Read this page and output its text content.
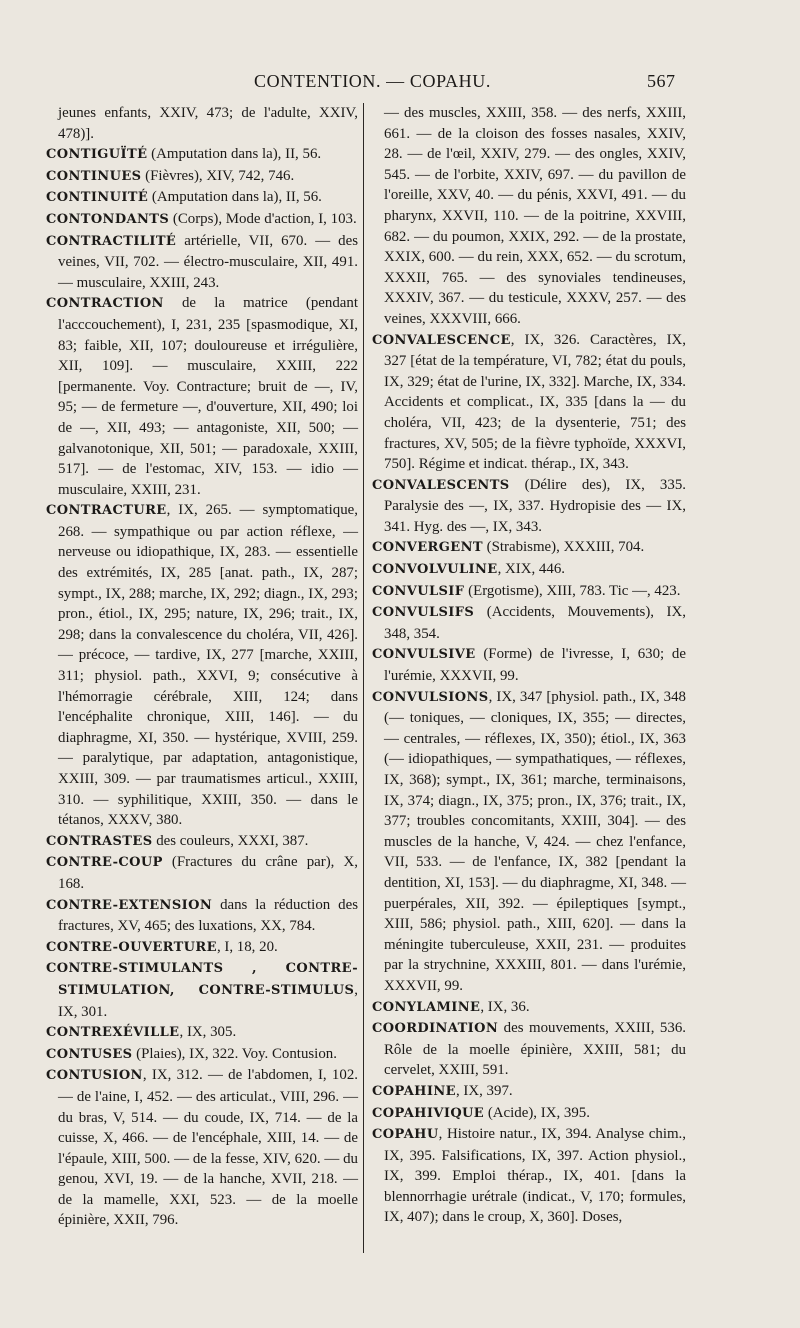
CONTENTION. — COPAHU.	567

jeunes enfants, XXIV, 473; de l'adulte, XXIV, 478)].

CONTIGUÏTÉ (Amputation dans la), II, 56.

CONTINUES (Fièvres), XIV, 742, 746.

CONTINUITÉ (Amputation dans la), II, 56.

CONTONDANTS (Corps), Mode d'action, I, 103.

CONTRACTILITÉ artérielle, VII, 670. — des veines, VII, 702. — électro-musculaire, XII, 491. — musculaire, XXIII, 243.

CONTRACTION de la matrice (pendant l'acccouchement), I, 231, 235 [spasmodique, XI, 83; faible, XII, 107; douloureuse et irrégulière, XII, 109]. — musculaire, XXIII, 222 [permanente. Voy. Contracture; bruit de —, IV, 95; — de fermeture —, d'ouverture, XII, 490; loi de —, XII, 493; — antagoniste, XII, 500; — galvanotonique, XII, 501; — paradoxale, XXIII, 517]. — de l'estomac, XIV, 153. — idio — musculaire, XXIII, 231.

CONTRACTURE, IX, 265. — symptomatique, 268. — sympathique ou par action réflexe, — nerveuse ou idiopathique, IX, 283. — essentielle des extrémités, IX, 285 [anat. path., IX, 287; sympt., IX, 288; marche, IX, 292; diagn., IX, 293; pron., étiol., IX, 295; nature, IX, 296; trait., IX, 298; dans la convalescence du choléra, VII, 426]. — précoce, — tardive, IX, 277 [marche, XXIII, 311; physiol. path., XXVI, 9; consécutive à l'hémorragie cérébrale, XIII, 124; dans l'encéphalite chronique, XIII, 146]. — du diaphragme, XI, 350. — hystérique, XVIII, 259. — paralytique, par adaptation, antagonistique, XXIII, 309. — par traumatismes articul., XXIII, 310. — syphilitique, XXIII, 350. — dans le tétanos, XXXV, 380.

CONTRASTES des couleurs, XXXI, 387.

CONTRE-COUP (Fractures du crâne par), X, 168.

CONTRE-EXTENSION dans la réduction des fractures, XV, 465; des luxations, XX, 784.

CONTRE-OUVERTURE, I, 18, 20.

CONTRE-STIMULANTS , CONTRE-STIMULATION, CONTRE-STIMULUS, IX, 301.

CONTREXÉVILLE, IX, 305.

CONTUSES (Plaies), IX, 322. Voy. Contusion.

CONTUSION, IX, 312. — de l'abdomen, I, 102. — de l'aine, I, 452. — des articulat., VIII, 296. — du bras, V, 514. — du coude, IX, 714. — de la cuisse, X, 466. — de l'encéphale, XIII, 14. — de l'épaule, XIII, 500. — de la fesse, XIV, 620. — du genou, XVI, 19. — de la hanche, XVII, 218. — de la mamelle, XXI, 523. — de la moelle épinière, XXII, 796.

— des muscles, XXIII, 358. — des nerfs, XXIII, 661. — de la cloison des fosses nasales, XXIV, 28. — de l'œil, XXIV, 279. — des ongles, XXIV, 545. — de l'orbite, XXIV, 697. — du pavillon de l'oreille, XXV, 40. — du pénis, XXVI, 491. — du pharynx, XXVII, 110. — de la poitrine, XXVIII, 682. — du poumon, XXIX, 292. — de la prostate, XXIX, 600. — du rein, XXX, 652. — du scrotum, XXXII, 765. — des synoviales tendineuses, XXXIV, 367. — du testicule, XXXV, 257. — des veines, XXXVIII, 666.

CONVALESCENCE, IX, 326. Caractères, IX, 327 [état de la température, VI, 782; état du pouls, IX, 329; état de l'urine, IX, 332]. Marche, IX, 334. Accidents et complicat., IX, 335 [dans la — du choléra, VII, 423; de la dysenterie, 751; des fractures, XV, 505; de la fièvre typhoïde, XXXVI, 750]. Régime et indicat. thérap., IX, 343.

CONVALESCENTS (Délire des), IX, 335. Paralysie des —, IX, 337. Hydropisie des — IX, 341. Hyg. des —, IX, 343.

CONVERGENT (Strabisme), XXXIII, 704.

CONVOLVULINE, XIX, 446.

CONVULSIF (Ergotisme), XIII, 783. Tic —, 423.

CONVULSIFS (Accidents, Mouvements), IX, 348, 354.

CONVULSIVE (Forme) de l'ivresse, I, 630; de l'urémie, XXXVII, 99.

CONVULSIONS, IX, 347 [physiol. path., IX, 348 (— toniques, — cloniques, IX, 355; — directes, — centrales, — réflexes, IX, 350); étiol., IX, 363 (— idiopathiques, — sympathatiques, — réflexes, IX, 368); sympt., IX, 361; marche, terminaisons, IX, 374; diagn., IX, 375; pron., IX, 376; trait., IX, 377; troubles concomitants, XXIII, 304]. — des muscles de la hanche, V, 424. — chez l'enfance, VII, 533. — de l'enfance, IX, 382 [pendant la dentition, XI, 153]. — du diaphragme, XI, 348. — puerpérales, XII, 392. — épileptiques [sympt., XIII, 586; physiol. path., XIII, 620]. — dans la méningite tuberculeuse, XXII, 231. — produites par la strychnine, XXXIII, 801. — dans l'urémie, XXXVII, 99.

CONYLAMINE, IX, 36.

COORDINATION des mouvements, XXIII, 536. Rôle de la moelle épinière, XXIII, 581; du cervelet, XXIII, 591.

COPAHINE, IX, 397.

COPAHIVIQUE (Acide), IX, 395.

COPAHU, Histoire natur., IX, 394. Analyse chim., IX, 395. Falsifications, IX, 397. Action physiol., IX, 399. Emploi thérap., IX, 401. [dans la blennorrhagie urétrale (indicat., V, 170; formules, IX, 407); dans le croup, X, 360]. Doses,
